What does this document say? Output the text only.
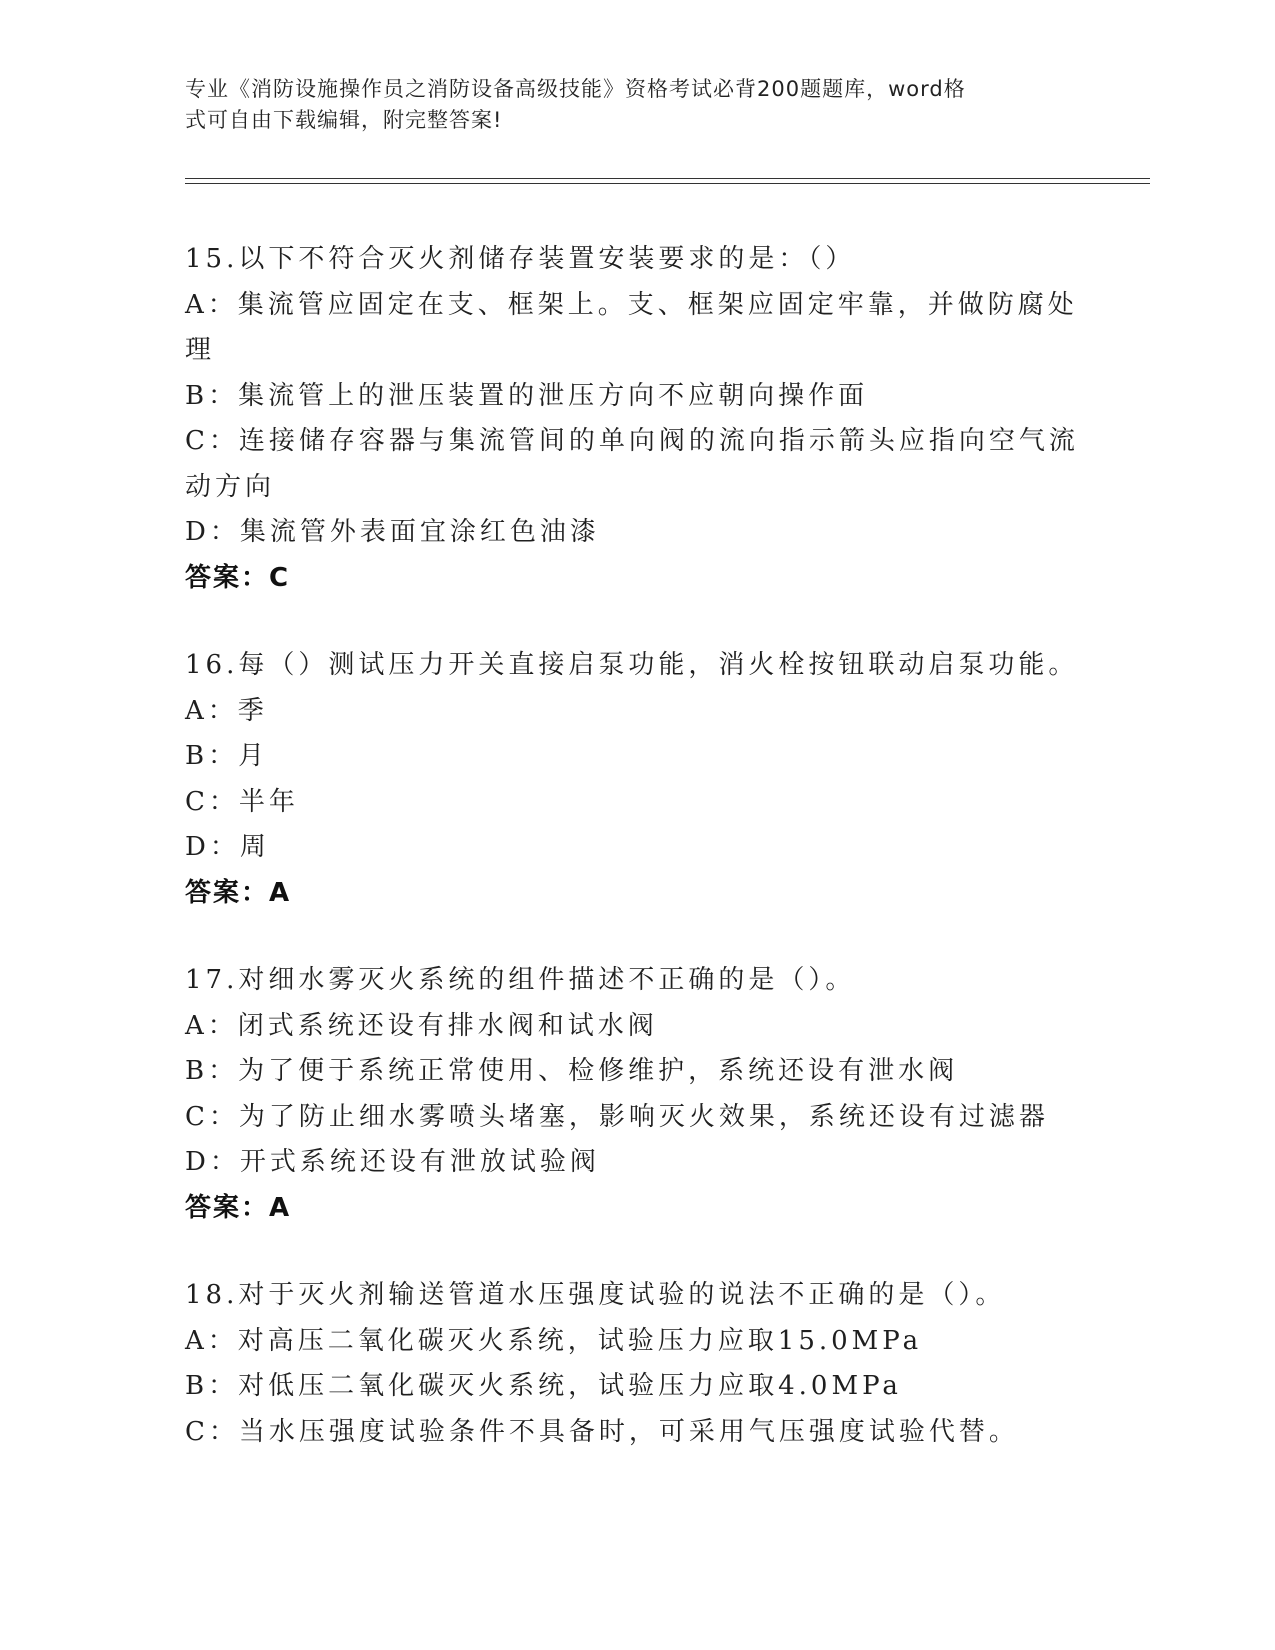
专业《消防设施操作员之消防设备高级技能》资格考试必背200题题库，word格
式可自由下载编辑，附完整答案!
15.以下不符合灭火剂储存装置安装要求的是：（）
A：集流管应固定在支、框架上。支、框架应固定牢靠，并做防腐处理
B：集流管上的泄压装置的泄压方向不应朝向操作面
C：连接储存容器与集流管间的单向阀的流向指示箭头应指向空气流动方向
D：集流管外表面宜涂红色油漆
答案：C
16.每（）测试压力开关直接启泵功能，消火栓按钮联动启泵功能。
A：季
B：月
C：半年
D：周
答案：A
17.对细水雾灭火系统的组件描述不正确的是（）。
A：闭式系统还设有排水阀和试水阀
B：为了便于系统正常使用、检修维护，系统还设有泄水阀
C：为了防止细水雾喷头堵塞，影响灭火效果，系统还设有过滤器
D：开式系统还设有泄放试验阀
答案：A
18.对于灭火剂输送管道水压强度试验的说法不正确的是（）。
A：对高压二氧化碳灭火系统，试验压力应取15.0MPa
B：对低压二氧化碳灭火系统，试验压力应取4.0MPa
C：当水压强度试验条件不具备时，可采用气压强度试验代替。
